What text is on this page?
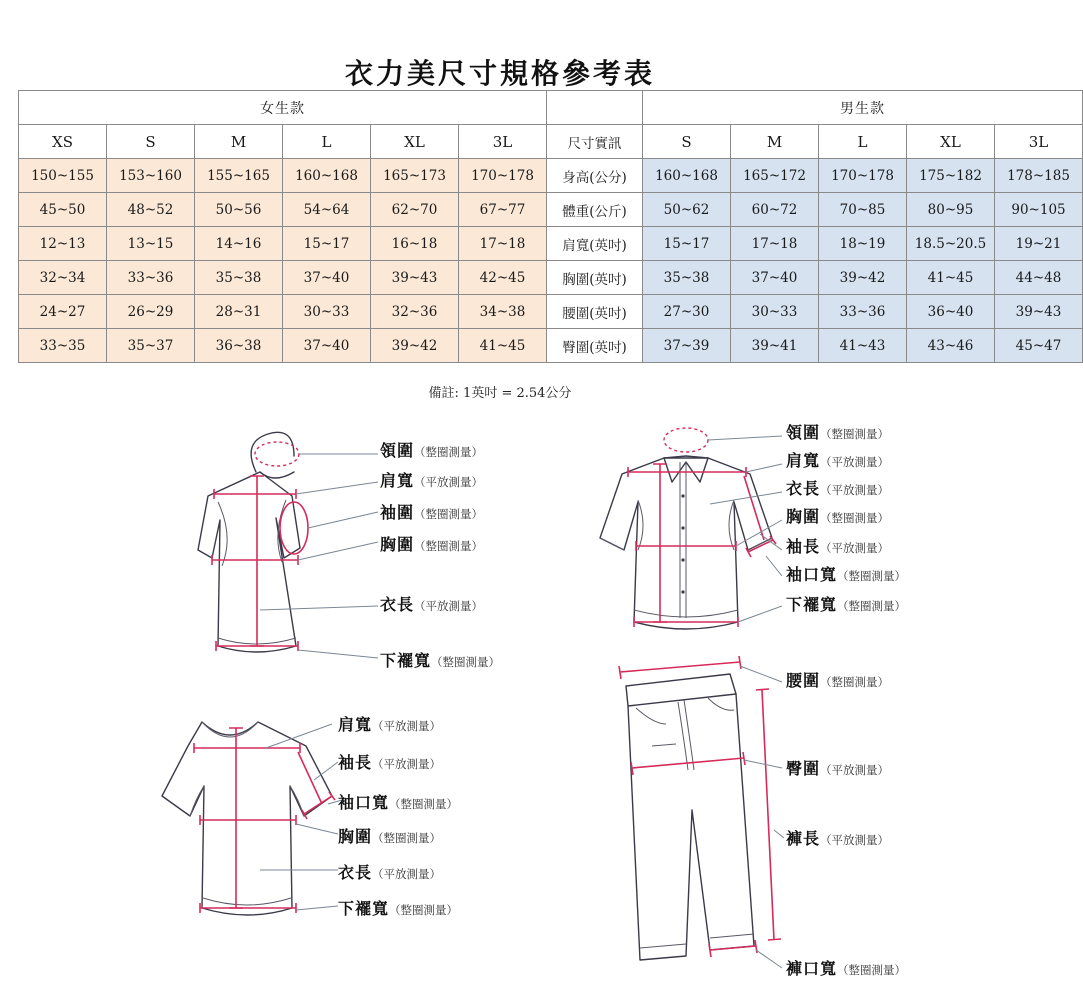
衣力美尺寸規格參考表
女生款							男生款				
XS	S	M	L	XL	3L	尺寸實訊	S	M	L	XL	3L
150~155	153~160	155~165	160~168	165~173	170~178	身高(公分)	160~168	165~172	170~178	175~182	178~185
45~50	48~52	50~56	54~64	62~70	67~77	體重(公斤)	50~62	60~72	70~85	80~95	90~105
12~13	13~15	14~16	15~17	16~18	17~18	肩寬(英吋)	15~17	17~18	18~19	18.5~20.5	19~21
32~34	33~36	35~38	37~40	39~43	42~45	胸圍(英吋)	35~38	37~40	39~42	41~45	44~48
24~27	26~29	28~31	30~33	32~36	34~38	腰圍(英吋)	27~30	30~33	33~36	36~40	39~43
33~35	35~37	36~38	37~40	39~42	41~45	臀圍(英吋)	37~39	39~41	41~43	43~46	45~47
備註: 1英吋 = 2.54公分
領圍（整圈測量）
肩寬（平放測量）
袖圍（整圈測量）
胸圍（整圈測量）
衣長（平放測量）
下襬寬（整圈測量）
肩寬（平放測量）
袖長（平放測量）
袖口寬（整圈測量）
胸圍（整圈測量）
衣長（平放測量）
下襬寬（整圈測量）
領圍（整圈測量）
肩寬（平放測量）
衣長（平放測量）
胸圍（整圈測量）
袖長（平放測量）
袖口寬（整圈測量）
下襬寬（整圈測量）
腰圍（整圈測量）
臀圍（平放測量）
褲長（平放測量）
褲口寬（整圈測量）
